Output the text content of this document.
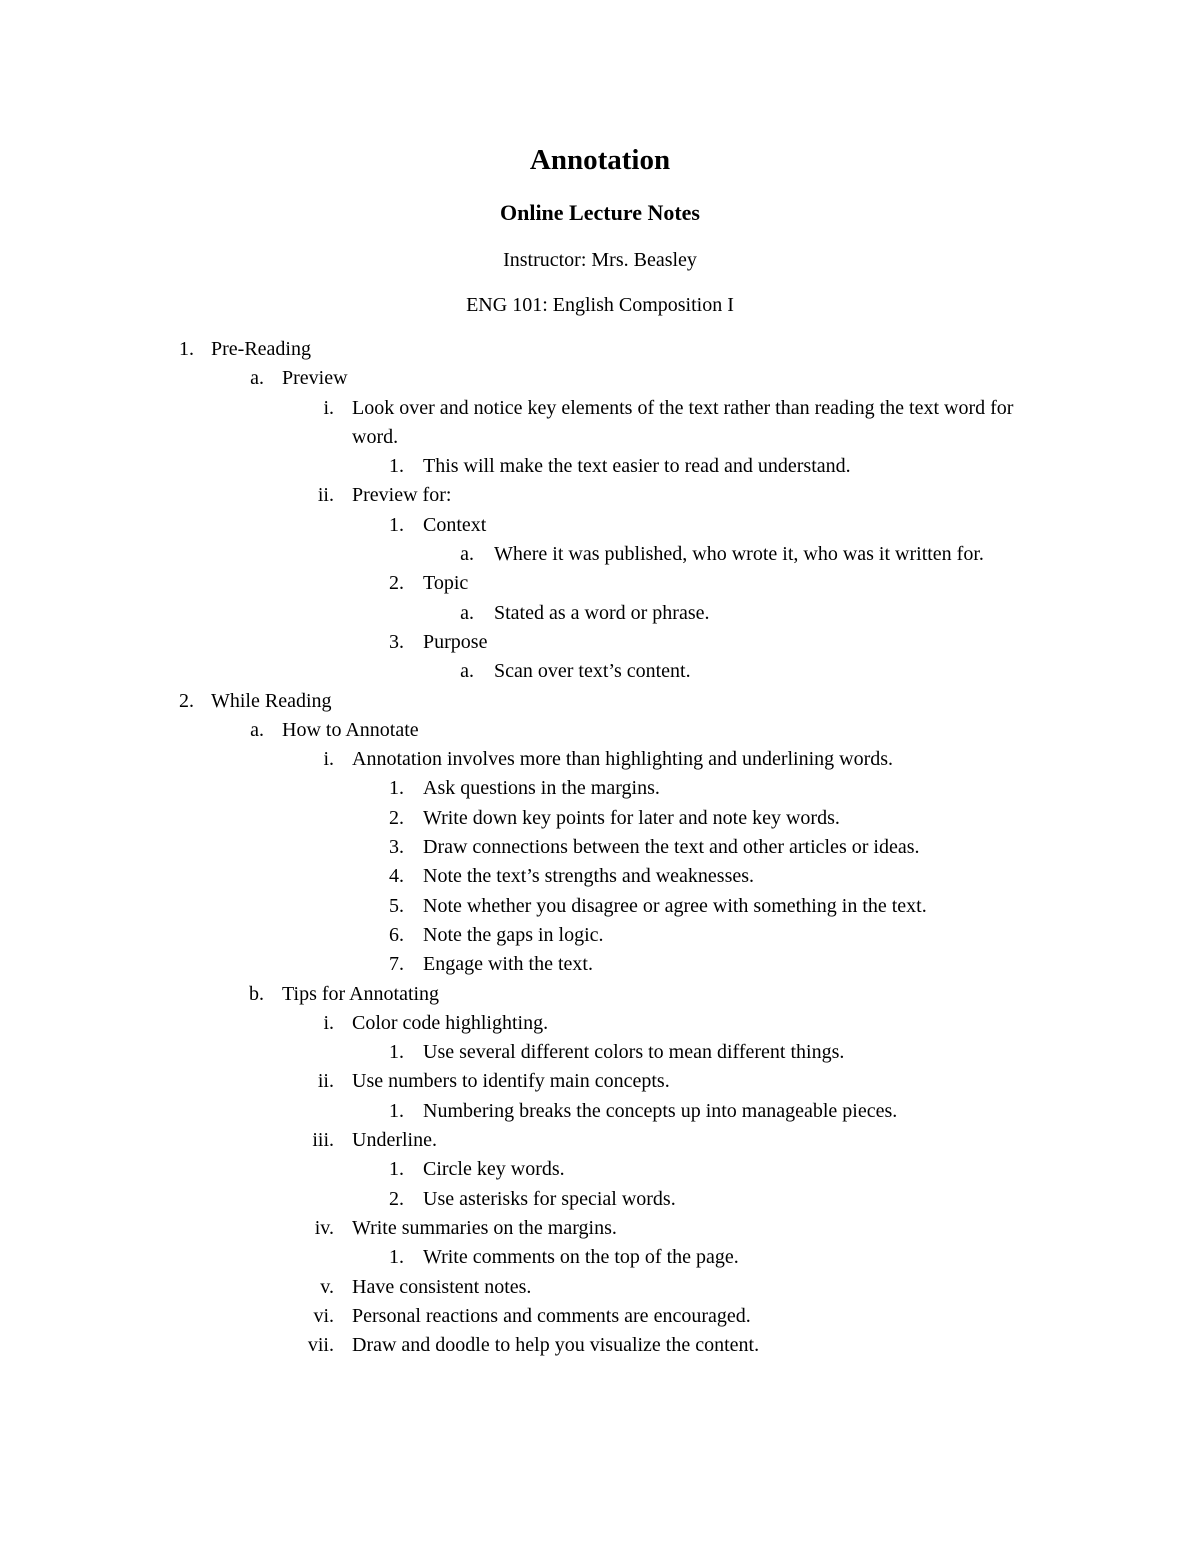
Annotation
Online Lecture Notes
Instructor: Mrs. Beasley
ENG 101: English Composition I
1. Pre-Reading
a. Preview
i. Look over and notice key elements of the text rather than reading the text word for word.
1. This will make the text easier to read and understand.
ii. Preview for:
1. Context
a. Where it was published, who wrote it, who was it written for.
2. Topic
a. Stated as a word or phrase.
3. Purpose
a. Scan over text’s content.
2. While Reading
a. How to Annotate
i. Annotation involves more than highlighting and underlining words.
1. Ask questions in the margins.
2. Write down key points for later and note key words.
3. Draw connections between the text and other articles or ideas.
4. Note the text’s strengths and weaknesses.
5. Note whether you disagree or agree with something in the text.
6. Note the gaps in logic.
7. Engage with the text.
b. Tips for Annotating
i. Color code highlighting.
1. Use several different colors to mean different things.
ii. Use numbers to identify main concepts.
1. Numbering breaks the concepts up into manageable pieces.
iii. Underline.
1. Circle key words.
2. Use asterisks for special words.
iv. Write summaries on the margins.
1. Write comments on the top of the page.
v. Have consistent notes.
vi. Personal reactions and comments are encouraged.
vii. Draw and doodle to help you visualize the content.
